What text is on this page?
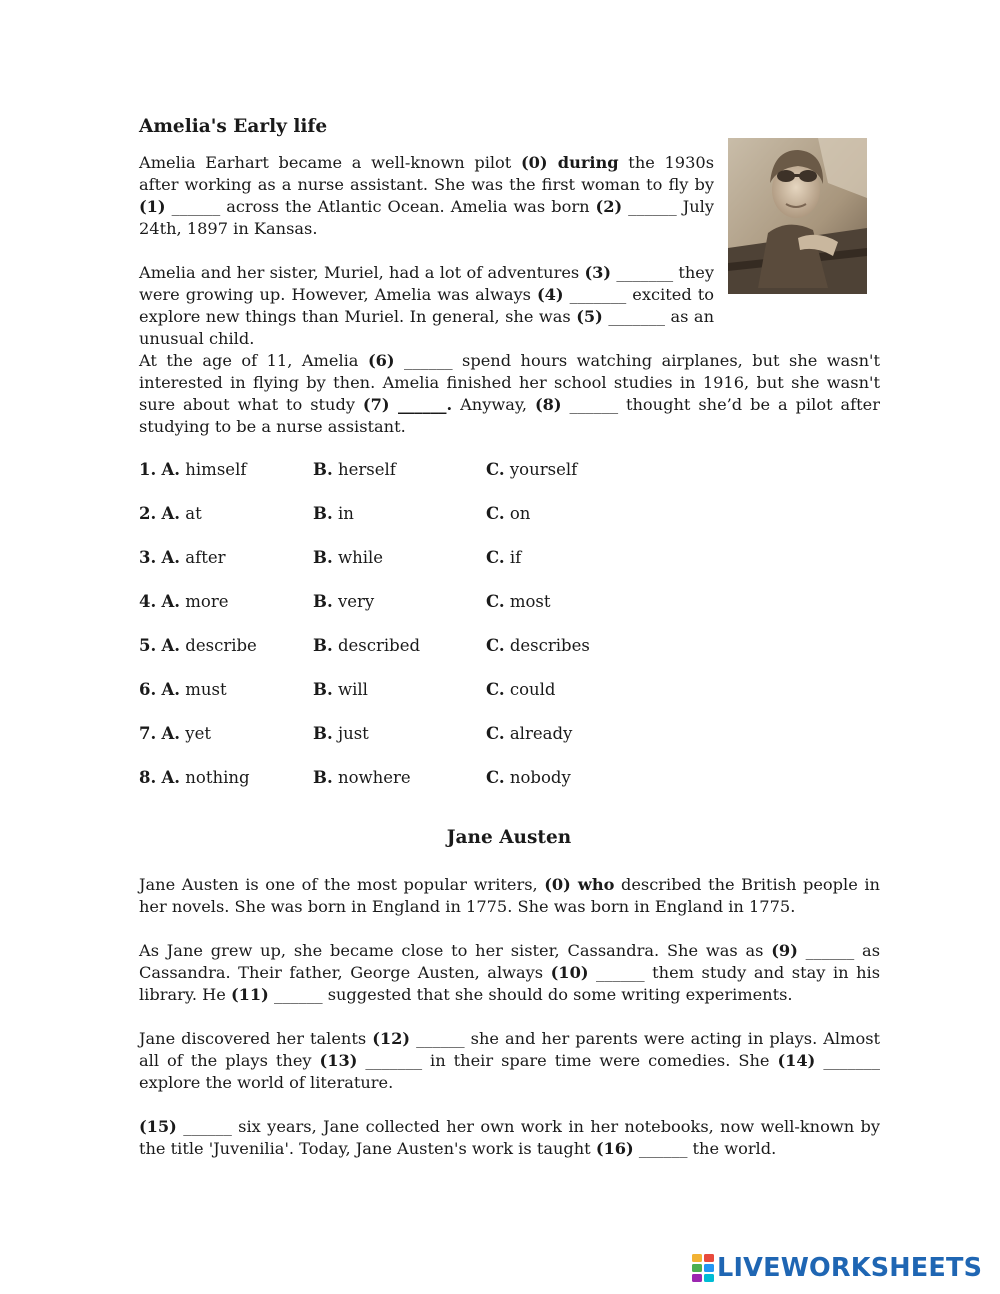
Amelia's Early life

Amelia Earhart became a well-known pilot (0) during the 1930s after working as a nurse assistant. She was the first woman to fly by (1) ______ across the Atlantic Ocean. Amelia was born (2) ______ July 24th, 1897 in Kansas.

Amelia and her sister, Muriel, had a lot of adventures (3) _______ they were growing up. However, Amelia was always (4) _______ excited to explore new things than Muriel. In general, she was (5) _______ as an unusual child.

At the age of 11, Amelia (6) ______ spend hours watching airplanes, but she wasn't interested in flying by then. Amelia finished her school studies in 1916, but she wasn't sure about what to study (7) ______. Anyway, (8) ______ thought she’d be a pilot after studying to be a nurse assistant.

1. A. himself	B. herself	C. yourself
2. A. at	B. in	C. on
3. A. after	B. while	C. if
4. A. more	B. very	C. most
5. A. describe	B. described	C. describes
6. A. must	B. will	C. could
7. A. yet	B. just	C. already
8. A. nothing	B. nowhere	C. nobody
Jane Austen

Jane Austen is one of the most popular writers, (0) who described the British people in her novels. She was born in England in 1775. She was born in England in 1775.

As Jane grew up, she became close to her sister, Cassandra. She was as (9) ______ as Cassandra. Their father, George Austen, always (10) ______ them study and stay in his library. He (11) ______ suggested that she should do some writing experiments.

Jane discovered her talents (12) ______ she and her parents were acting in plays. Almost all of the plays they (13) _______ in their spare time were comedies. She (14) _______ explore the world of literature.

(15) ______ six years, Jane collected her own work in her notebooks, now well-known by the title 'Juvenilia'. Today, Jane Austen's work is taught (16) ______ the world.

LIVEWORKSHEETS
